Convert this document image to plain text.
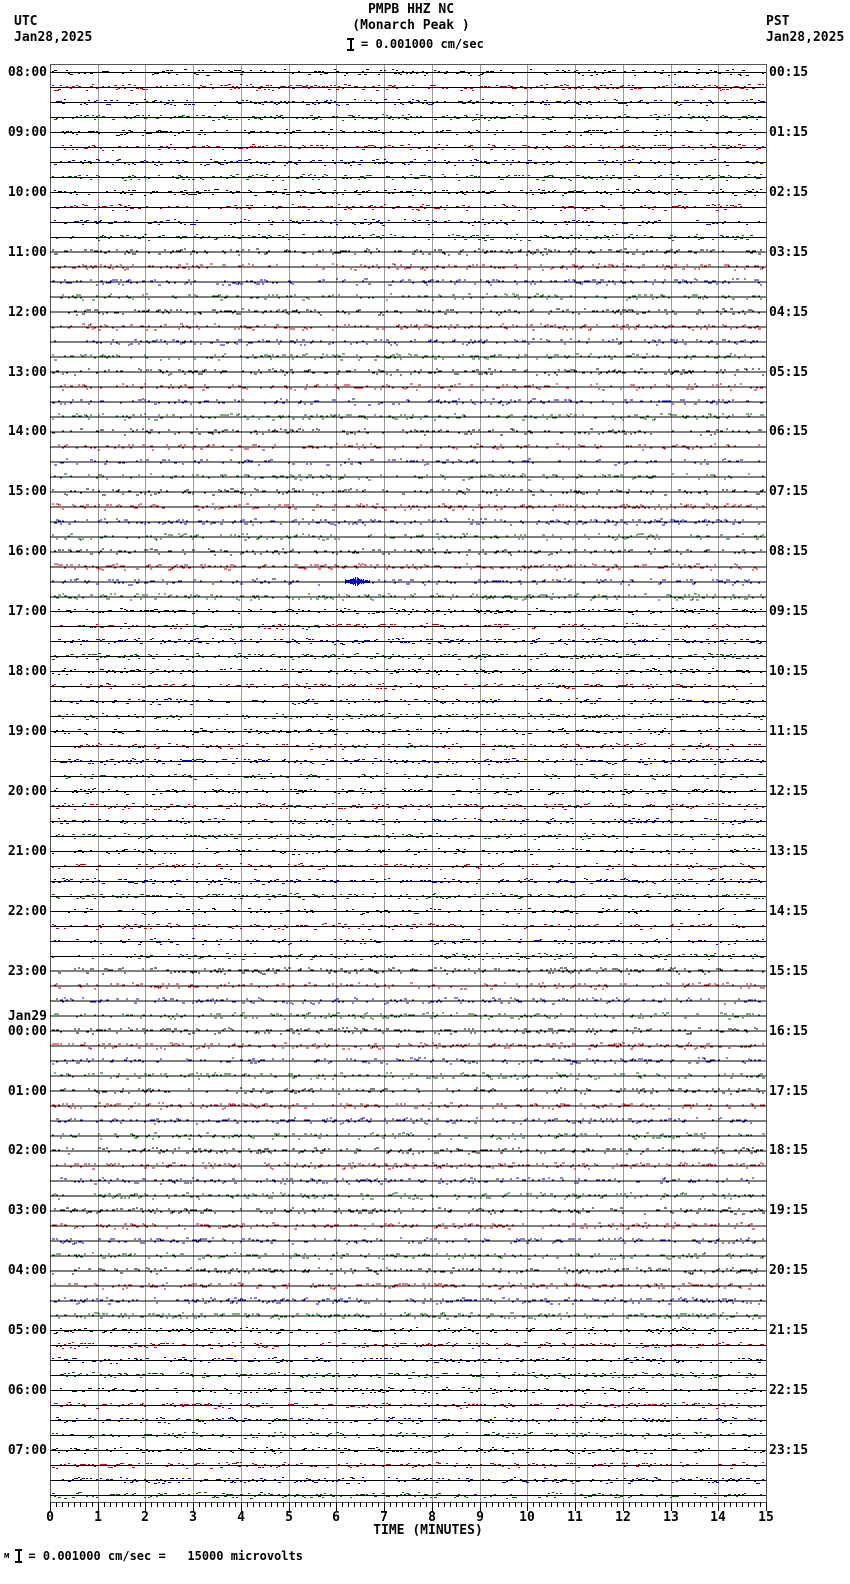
0	1	2	3	4	5	6	7	8	9	10 11 12 13 14 15
UTC
Jan28,2025
PST
Jan28,2025
PMPB HHZ NC
(Monarch Peak )
= 0.001000 cm/sec
TIME (MINUTES)
м = 0.001000 cm/sec =   15000 microvolts
08:00
09:00
10:00
11:00
12:00
13:00
14:00
15:00
16:00
17:00
18:00
19:00
20:00
21:00
22:00
23:00
Jan29
00:00
01:00
02:00
03:00
04:00
05:00
06:00
07:00
00:15
01:15
02:15
03:15
04:15
05:15
06:15
07:15
08:15
09:15
10:15
11:15
12:15
13:15
14:15
15:15
16:15
17:15
18:15
19:15
20:15
21:15
22:15
23:15
